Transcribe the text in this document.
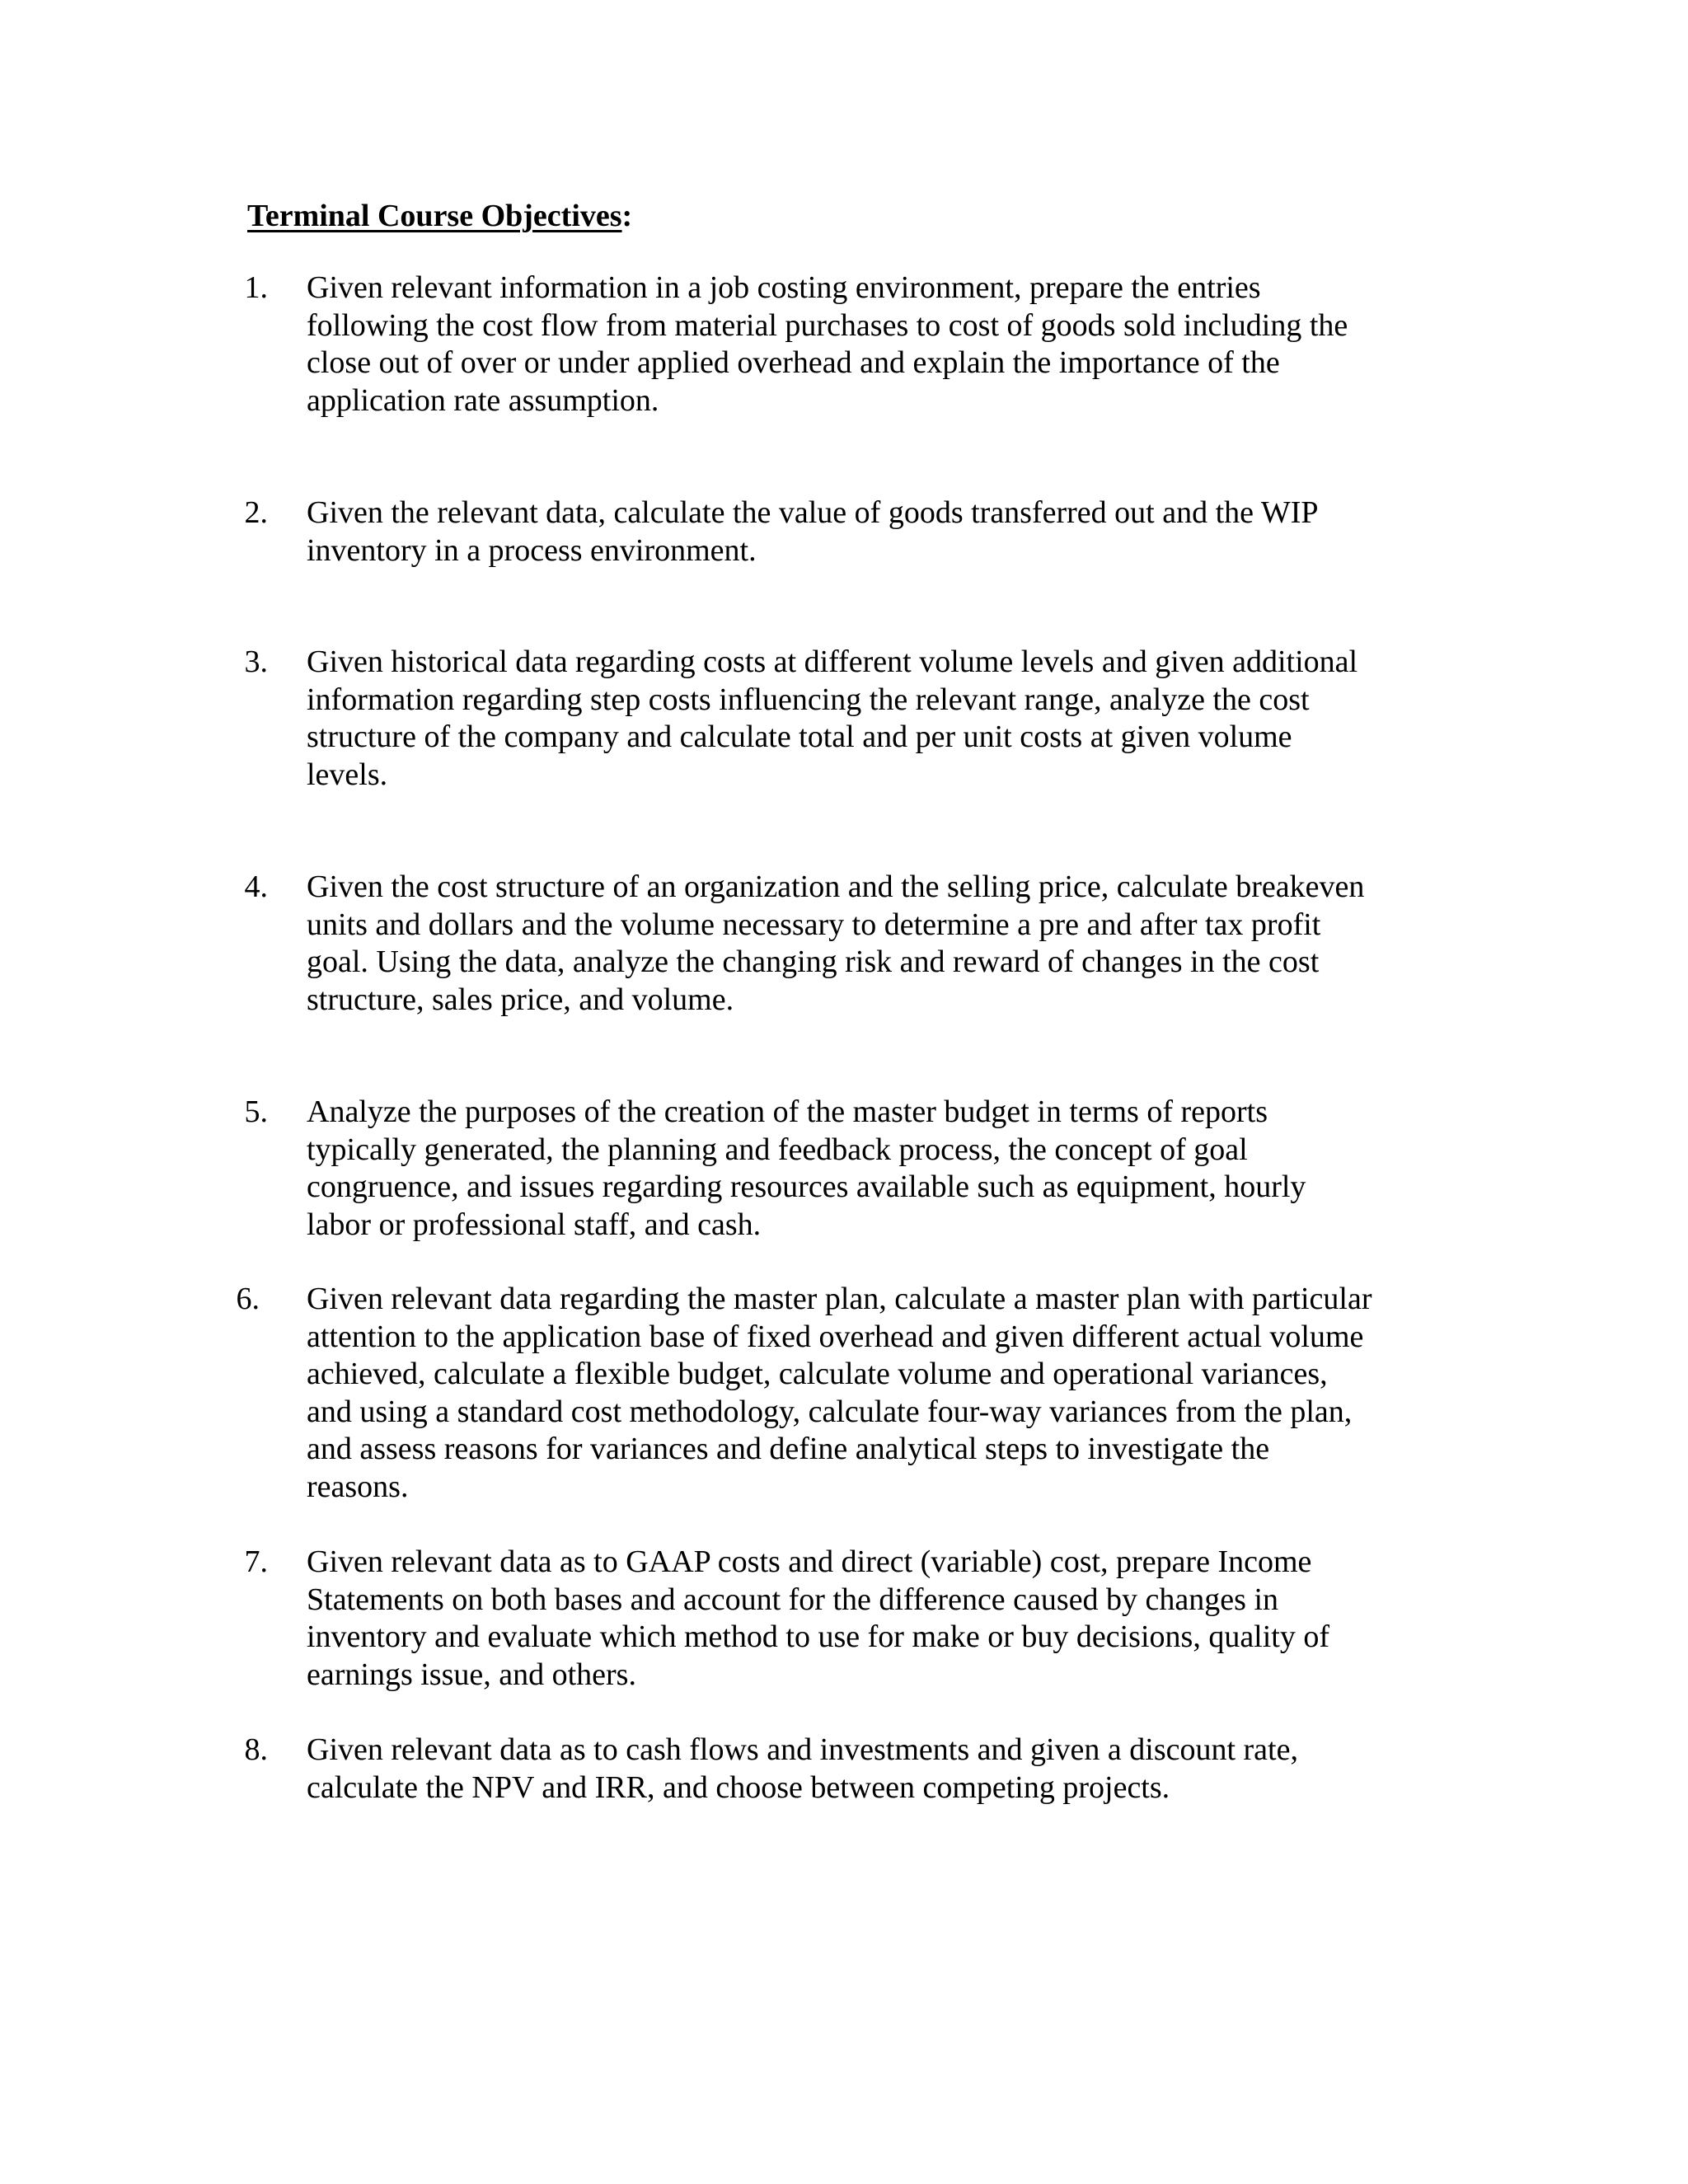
Terminal Course Objectives:
1. Given relevant information in a job costing environment, prepare the entries
following the cost flow from material purchases to cost of goods sold including the
close out of over or under applied overhead and explain the importance of the
application rate assumption.
2. Given the relevant data, calculate the value of goods transferred out and the WIP
inventory in a process environment.
3. Given historical data regarding costs at different volume levels and given additional
information regarding step costs influencing the relevant range, analyze the cost
structure of the company and calculate total and per unit costs at given volume
levels.
4. Given the cost structure of an organization and the selling price, calculate breakeven
units and dollars and the volume necessary to determine a pre and after tax profit
goal. Using the data, analyze the changing risk and reward of changes in the cost
structure, sales price, and volume.
5. Analyze the purposes of the creation of the master budget in terms of reports
typically generated, the planning and feedback process, the concept of goal
congruence, and issues regarding resources available such as equipment, hourly
labor or professional staff, and cash.
6. Given relevant data regarding the master plan, calculate a master plan with particular
attention to the application base of fixed overhead and given different actual volume
achieved, calculate a flexible budget, calculate volume and operational variances,
and using a standard cost methodology, calculate four-way variances from the plan,
and assess reasons for variances and define analytical steps to investigate the
reasons.
7. Given relevant data as to GAAP costs and direct (variable) cost, prepare Income
Statements on both bases and account for the difference caused by changes in
inventory and evaluate which method to use for make or buy decisions, quality of
earnings issue, and others.
8. Given relevant data as to cash flows and investments and given a discount rate,
calculate the NPV and IRR, and choose between competing projects.
